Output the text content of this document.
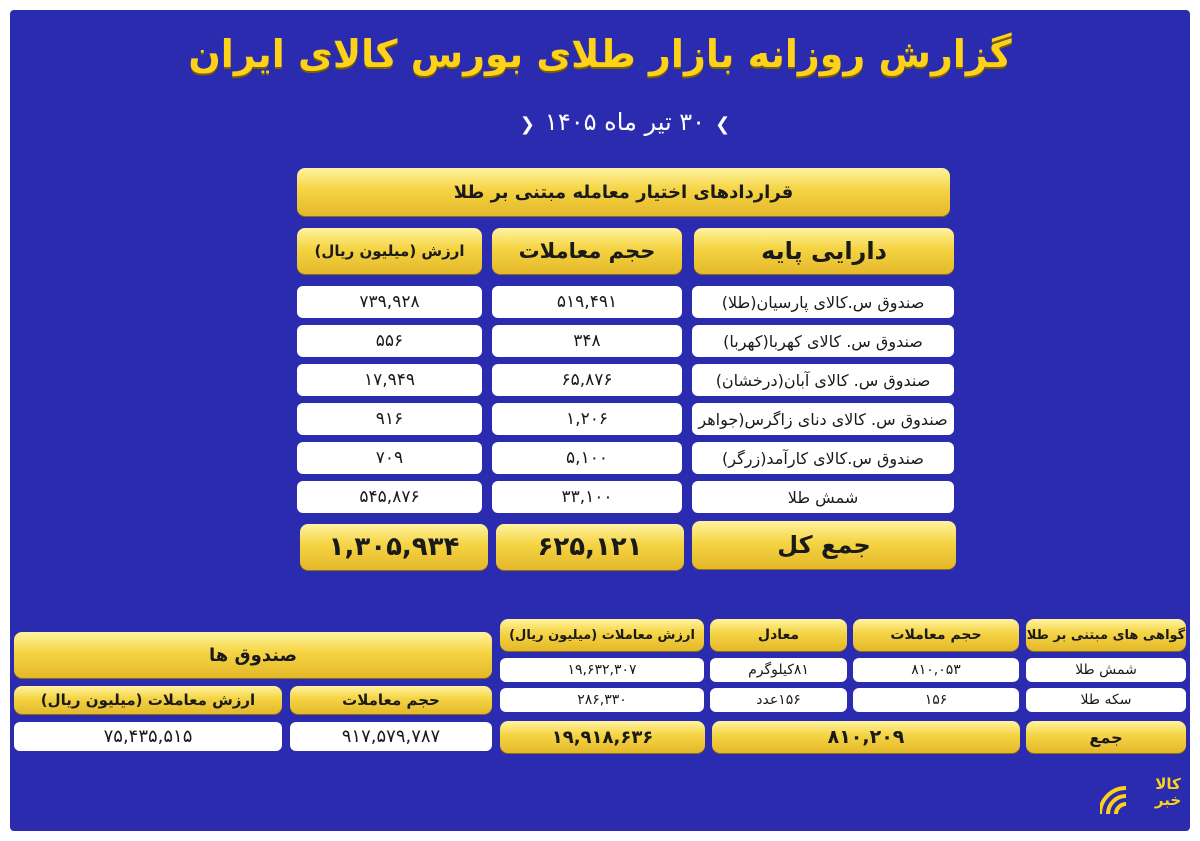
گزارش روزانه بازار طلای بورس کالای ایران
❯۳۰ تیر ماه ۱۴۰۵❮
قراردادهای اختیار معامله مبتنی بر طلا
دارایی پایه
حجم معاملات
ارزش (میلیون ریال)
صندوق س.کالای پارسیان(طلا)
۵۱۹,۴۹۱
۷۳۹,۹۲۸
صندوق س. کالای کهربا(کهربا)
۳۴۸
۵۵۶
صندوق س. کالای آبان(درخشان)
۶۵,۸۷۶
۱۷,۹۴۹
صندوق س. کالای دنای زاگرس(جواهر
۱,۲۰۶
۹۱۶
صندوق س.کالای کارآمد(زرگر)
۵,۱۰۰
۷۰۹
شمش طلا
۳۳,۱۰۰
۵۴۵,۸۷۶
جمع کل
۶۲۵,۱۲۱
۱,۳۰۵,۹۳۴
گواهی های مبتنی بر طلا
حجم معاملات
معادل
ارزش معاملات (میلیون ریال)
شمش طلا
۸۱۰,۰۵۳
۸۱کیلوگرم
۱۹,۶۳۲,۳۰۷
سکه طلا
۱۵۶
۱۵۶عدد
۲۸۶,۳۳۰
جمع
۸۱۰,۲۰۹
۱۹,۹۱۸,۶۳۶
صندوق ها
حجم معاملات
ارزش معاملات (میلیون ریال)
۹۱۷,۵۷۹,۷۸۷
۷۵,۴۳۵,۵۱۵
کالا خبر
